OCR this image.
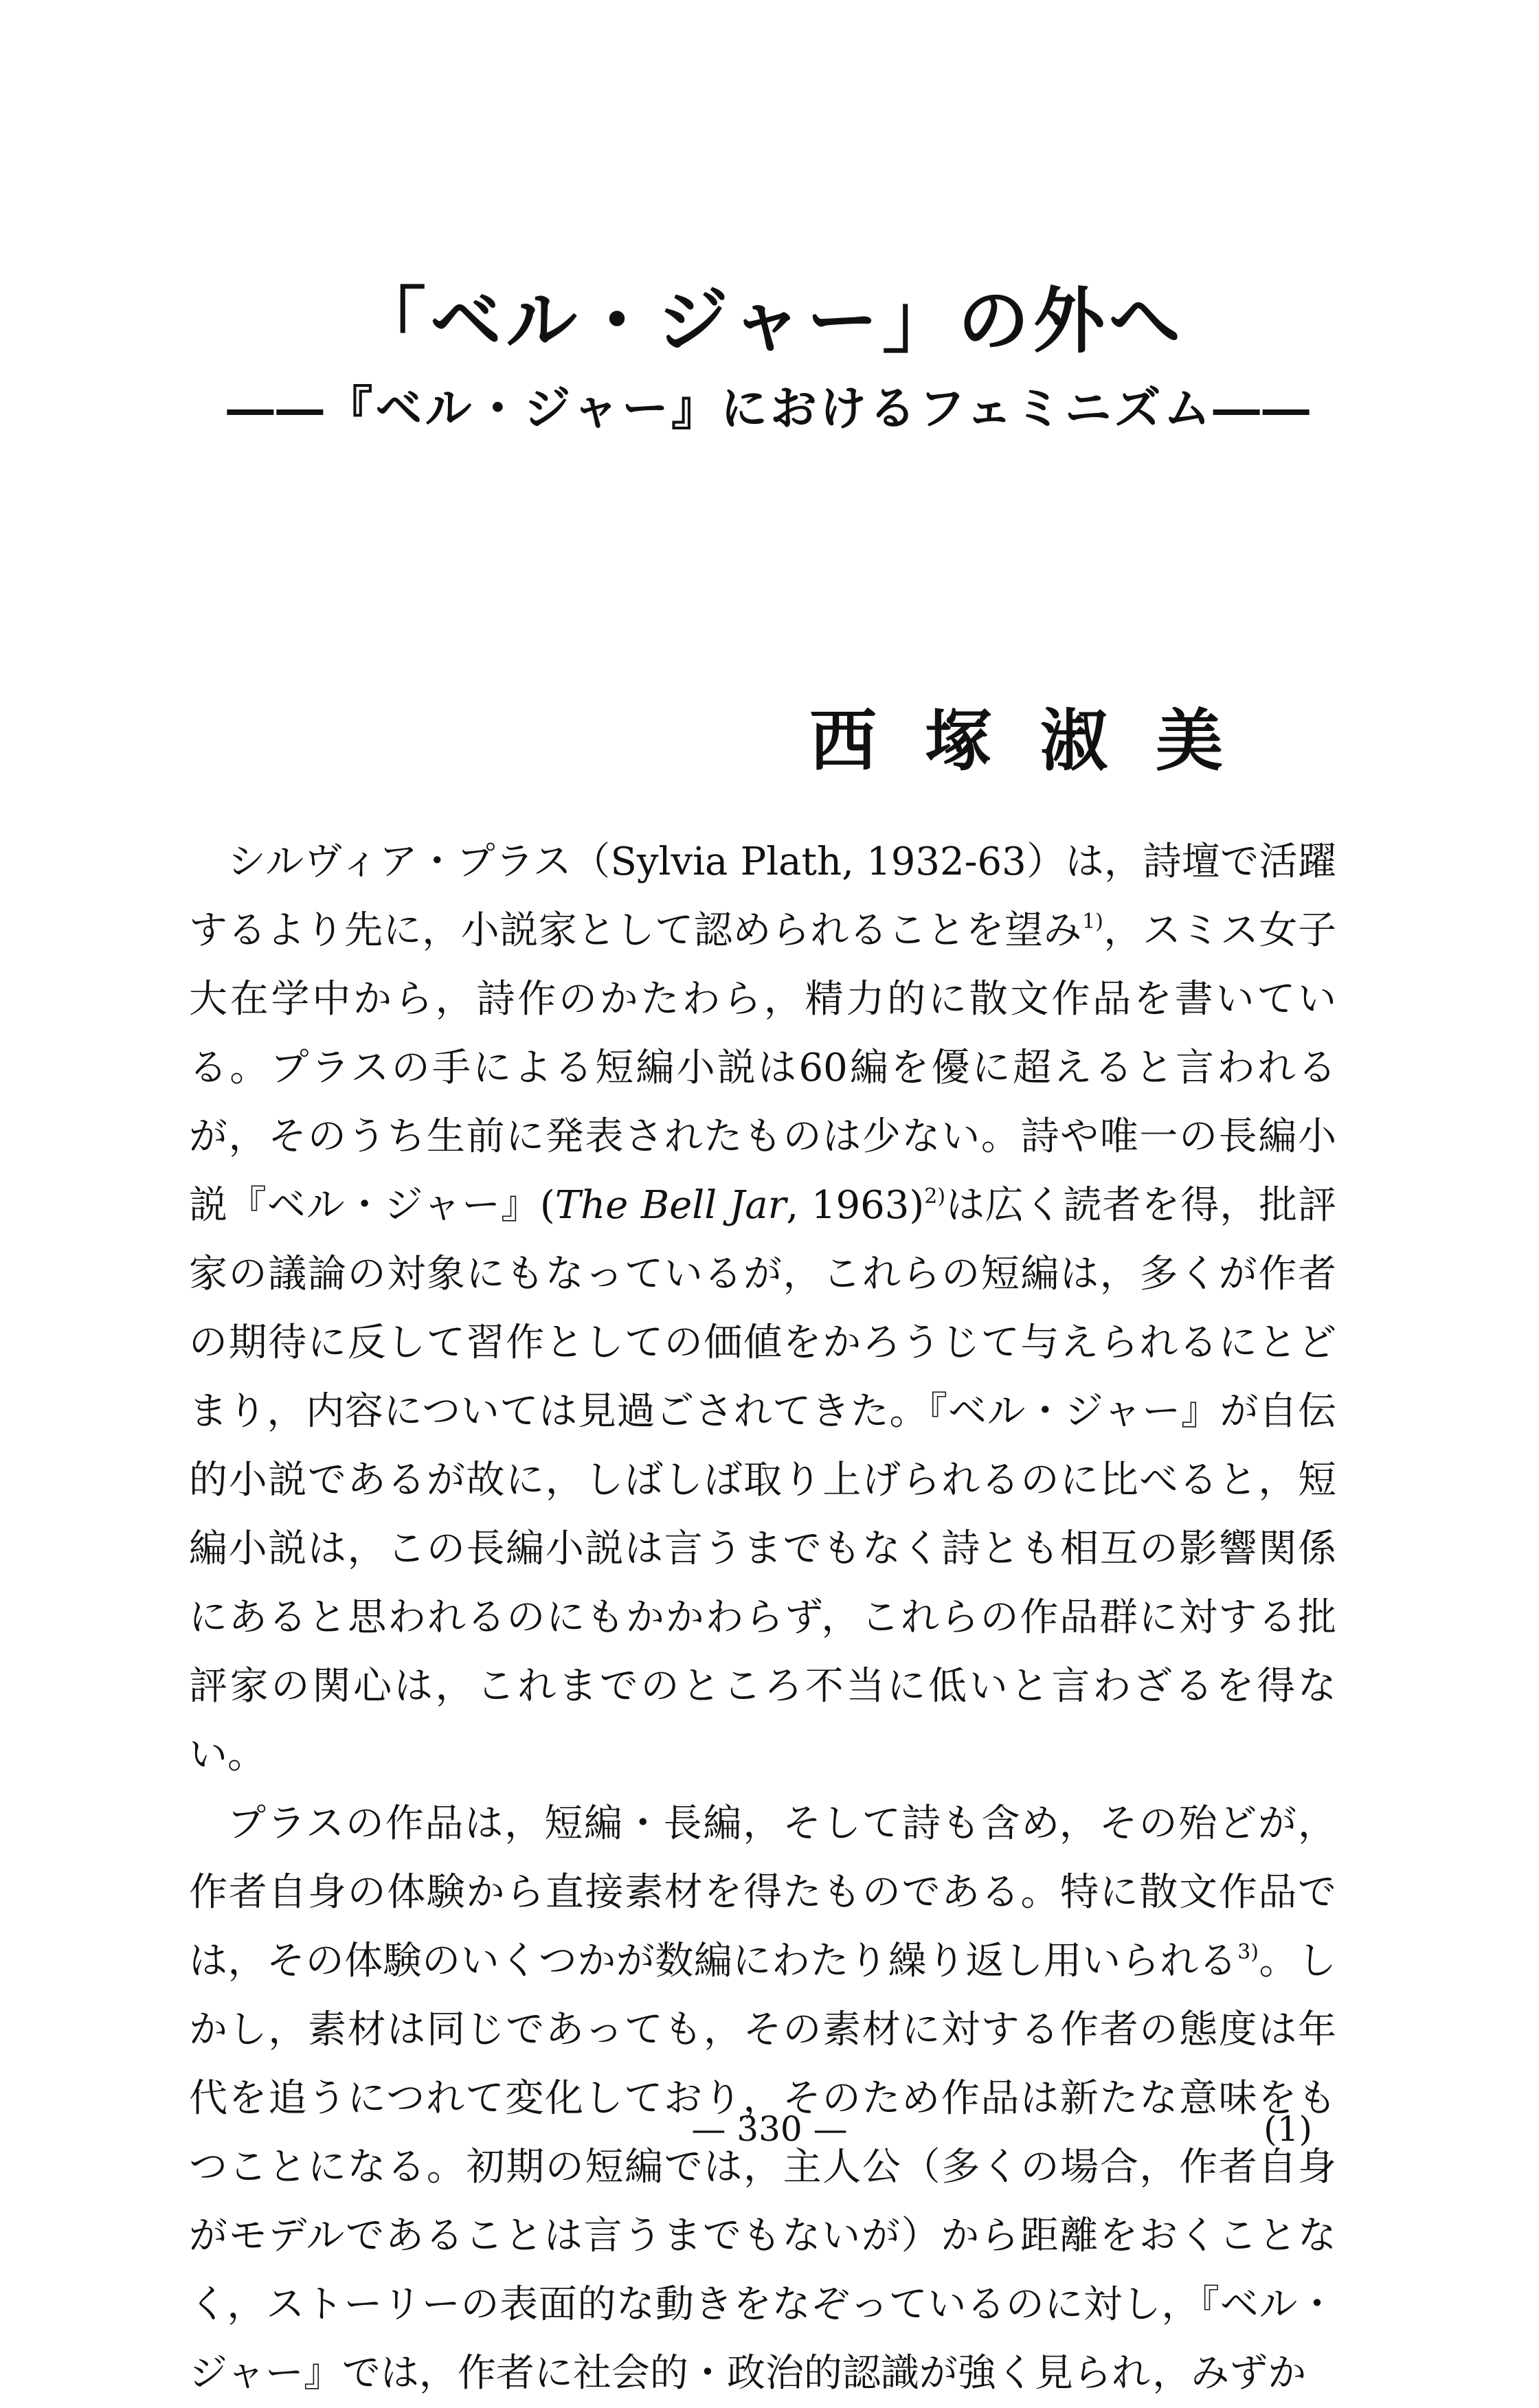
「ベル・ジャー」の外へ
――『ベル・ジャー』におけるフェミニズム――
西塚淑美

シルヴィア・プラス（Sylvia Plath, 1932-63）は，詩壇で活躍するより先に，小説家として認められることを望み$^{1)}$，スミス女子大在学中から，詩作のかたわら，精力的に散文作品を書いている。プラスの手による短編小説は60編を優に超えると言われるが，そのうち生前に発表されたものは少ない。詩や唯一の長編小説『ベル・ジャー』(The Bell Jar, 1963)$^{2)}$は広く読者を得，批評家の議論の対象にもなっているが，これらの短編は，多くが作者の期待に反して習作としての価値をかろうじて与えられるにとどまり，内容については見過ごされてきた。『ベル・ジャー』が自伝的小説であるが故に，しばしば取り上げられるのに比べると，短編小説は，この長編小説は言うまでもなく詩とも相互の影響関係にあると思われるのにもかかわらず，これらの作品群に対する批評家の関心は，これまでのところ不当に低いと言わざるを得ない。

プラスの作品は，短編・長編，そして詩も含め，その殆どが，作者自身の体験から直接素材を得たものである。特に散文作品では，その体験のいくつかが数編にわたり繰り返し用いられる$^{3)}$。しかし，素材は同じであっても，その素材に対する作者の態度は年代を追うにつれて変化しており，そのため作品は新たな意味をもつことになる。初期の短編では，主人公（多くの場合，作者自身がモデルであることは言うまでもないが）から距離をおくことなく，ストーリーの表面的な動きをなぞっているのに対し，『ベル・ジャー』では，作者に社会的・政治的認識が強く見られ，みずか

— 330 —	(1)
